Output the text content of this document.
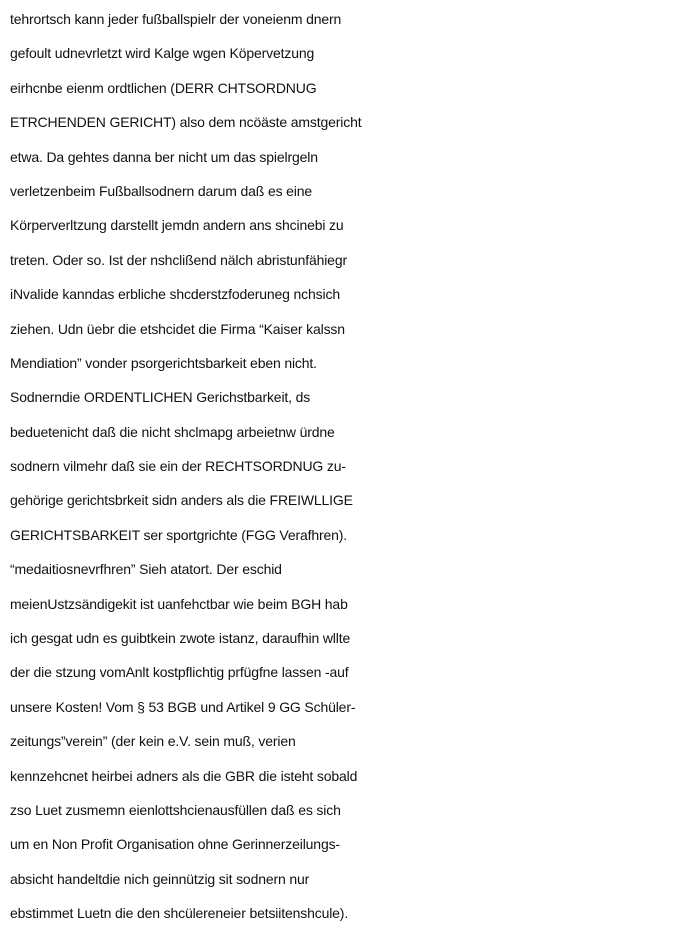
tehrortsch kann jeder fußballspielr der voneienm dnern
gefoult udnevrletzt wird Kalge wgen Köpervetzung
eirhcnbe eienm ordtlichen (DERR CHTSORDNUG
ETRCHENDEN GERICHT) also dem ncöäste amstgericht
etwa. Da gehtes danna ber nicht um das spielrgeln
verletzenbeim Fußballsodnern darum daß es eine
Körperverltzung darstellt jemdn andern ans shcinebi zu
treten. Oder so. Ist der nshclißend nälch abristunfähiegr
iNvalide kanndas erbliche shcderstzfoderuneg nchsich
ziehen. Udn üebr die etshcidet die Firma “Kaiser kalssn
Mendiation” vonder psorgerichtsbarkeit eben nicht.
Sodnerndie ORDENTLICHEN Gerichstbarkeit, ds
beduetenicht daß die nicht shclmapg arbeietnw ürdne
sodnern vilmehr daß sie ein der RECHTSORDNUG zu-
gehörige gerichtsbrkeit sidn anders als die FREIWLLIGE
GERICHTSBARKEIT ser sportgrichte (FGG Verafhren).
“medaitiosnevrfhren” Sieh atatort. Der eschid
meienUstzsändigekit ist uanfehctbar wie beim BGH hab
ich gesgat udn es guibtkein zwote istanz, daraufhin wllte
der die stzung vomAnlt kostpflichtig prfügfne lassen -auf
unsere Kosten! Vom § 53 BGB und Artikel 9 GG Schüler-
zeitungs”verein” (der kein e.V. sein muß, verien
kennzehcnet heirbei adners als die GBR die isteht sobald
zso Luet zusmemn eienlottshcienausfüllen daß es sich
um en Non Profit Organisation ohne Gerinnerzeilungs-
absicht handeltdie nich geinnützig sit sodnern nur
ebstimmet Luetn die den shcülereneier betsiitenshcule).
